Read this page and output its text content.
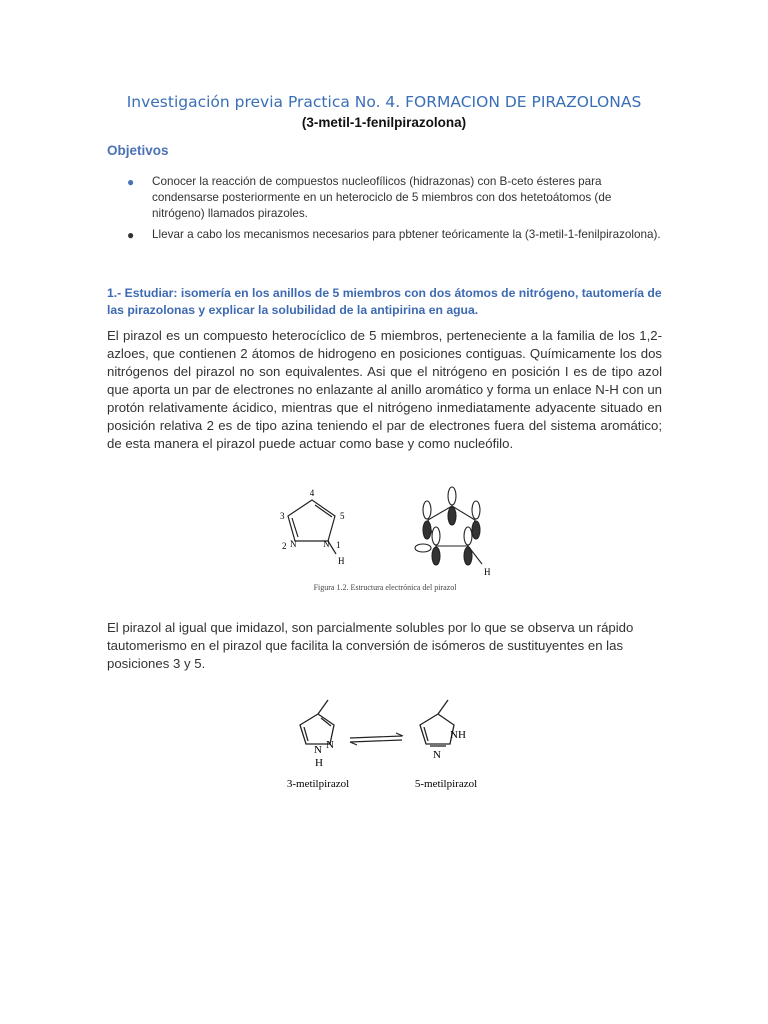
Investigación previa Practica No. 4. FORMACION DE PIRAZOLONAS
(3-metil-1-fenilpirazolona)
Objetivos
● Conocer la reacción de compuestos nucleofílicos (hidrazonas) con B-ceto ésteres para condensarse posteriormente en un heterociclo de 5 miembros con dos hetetoátomos (de nitrógeno) llamados pirazoles.
● Llevar a cabo los mecanismos necesarios para pbtener teóricamente la (3-metil-1-fenilpirazolona).
1.- Estudiar: isomería en los anillos de 5 miembros con dos átomos de nitrógeno, tautomería de las pirazolonas y explicar la solubilidad de la antipirina en agua.

El pirazol es un compuesto heterocíclico de 5 miembros, perteneciente a la familia de los 1,2-azloes, que contienen 2 átomos de hidrogeno en posiciones contiguas. Químicamente los dos nitrógenos del pirazol no son equivalentes. Asi que el nitrógeno en posición I es de tipo azol que aporta un par de electrones no enlazante al anillo aromático y forma un enlace N-H con un protón relativamente ácidico, mientras que el nitrógeno inmediatamente adyacente situado en posición relativa 2 es de tipo azina teniendo el par de electrones fuera del sistema aromático; de esta manera el pirazol puede actuar como base y como nucleófilo.

4
3	5
2 N	N 1
H
H
Figura 1.2. Estructura electrónica del pirazol

El pirazol al igual que imidazol, son parcialmente solubles por lo que se observa un rápido tautomerismo en el pirazol que facilita la conversión de isómeros de sustituyentes en las posiciones 3 y 5.

N
N
H
NH
N
3-metilpirazol	5-metilpirazol
